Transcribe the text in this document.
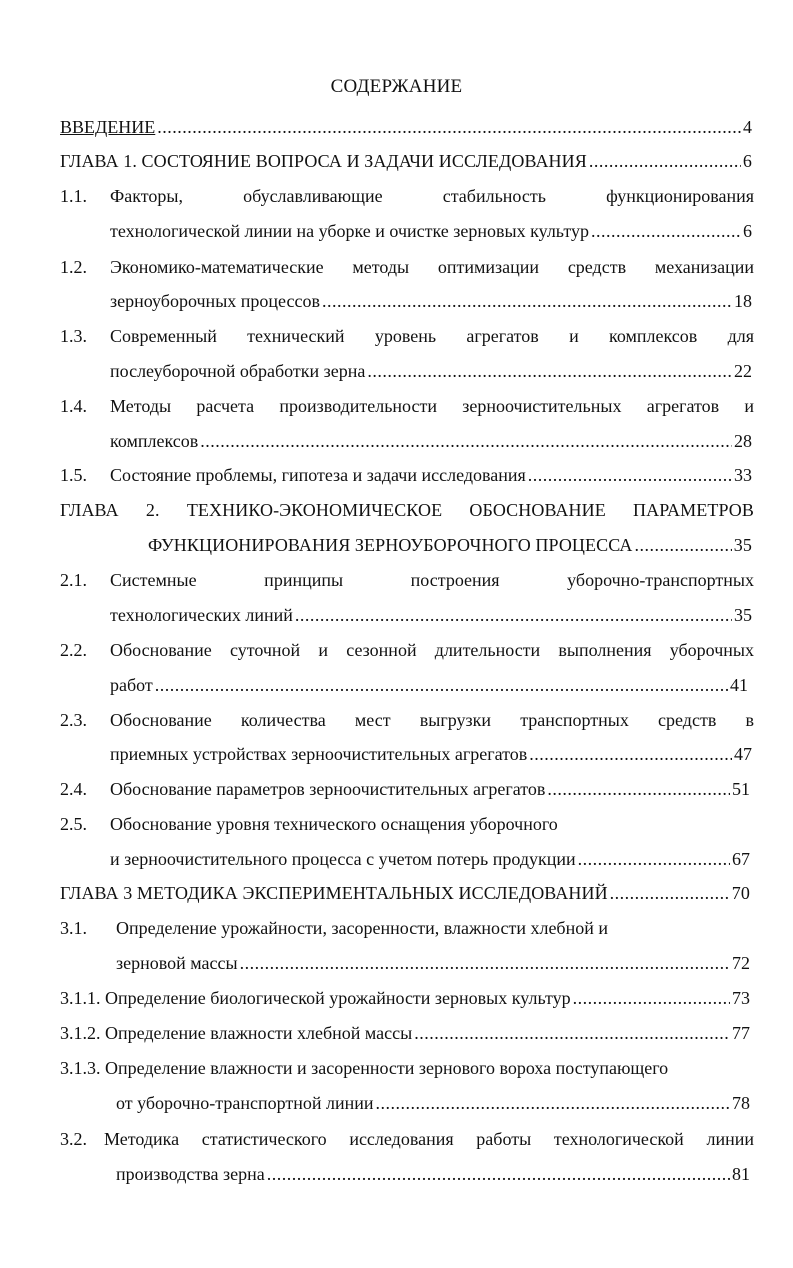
СОДЕРЖАНИЕ
ВВЕДЕНИЕ .....	4
ГЛАВА 1. СОСТОЯНИЕ ВОПРОСА И ЗАДАЧИ ИССЛЕДОВАНИЯ .....	6
1.1. Факторы, обуславливающие стабильность функционирования
технологической линии на уборке и очистке зерновых культур .....	6
1.2. Экономико-математические методы оптимизации средств механизации
зерноуборочных процессов .....	18
1.3. Современный технический уровень агрегатов и комплексов для
послеуборочной обработки зерна .....	22
1.4. Методы расчета производительности зерноочистительных агрегатов и
комплексов .....	28
1.5.	Состояние проблемы, гипотеза и задачи исследования .....	33
ГЛАВА 2. ТЕХНИКО-ЭКОНОМИЧЕСКОЕ ОБОСНОВАНИЕ ПАРАМЕТРОВ
ФУНКЦИОНИРОВАНИЯ ЗЕРНОУБОРОЧНОГО ПРОЦЕССА .....	35
2.1. Системные принципы построения уборочно-транспортных
технологических линий .....	35
2.2. Обоснование суточной и сезонной длительности выполнения уборочных
работ .....	41
2.3. Обоснование количества мест выгрузки транспортных средств в
приемных устройствах зерноочистительных агрегатов .....	47
2.4.	Обоснование параметров зерноочистительных агрегатов .....	51
2.5. Обоснование уровня технического оснащения уборочного
и зерноочистительного процесса с учетом потерь продукции .....	67
ГЛАВА 3 МЕТОДИКА ЭКСПЕРИМЕНТАЛЬНЫХ ИССЛЕДОВАНИЙ .....	70
3.1. Определение урожайности, засоренности, влажности хлебной и
зерновой массы .....	72
3.1.1. Определение биологической урожайности зерновых культур .....	73
3.1.2. Определение влажности хлебной массы .....	77
3.1.3. Определение влажности и засоренности зернового вороха поступающего
от уборочно-транспортной линии .....	78
3.2. Методика статистического исследования работы технологической линии
производства зерна .....	81
